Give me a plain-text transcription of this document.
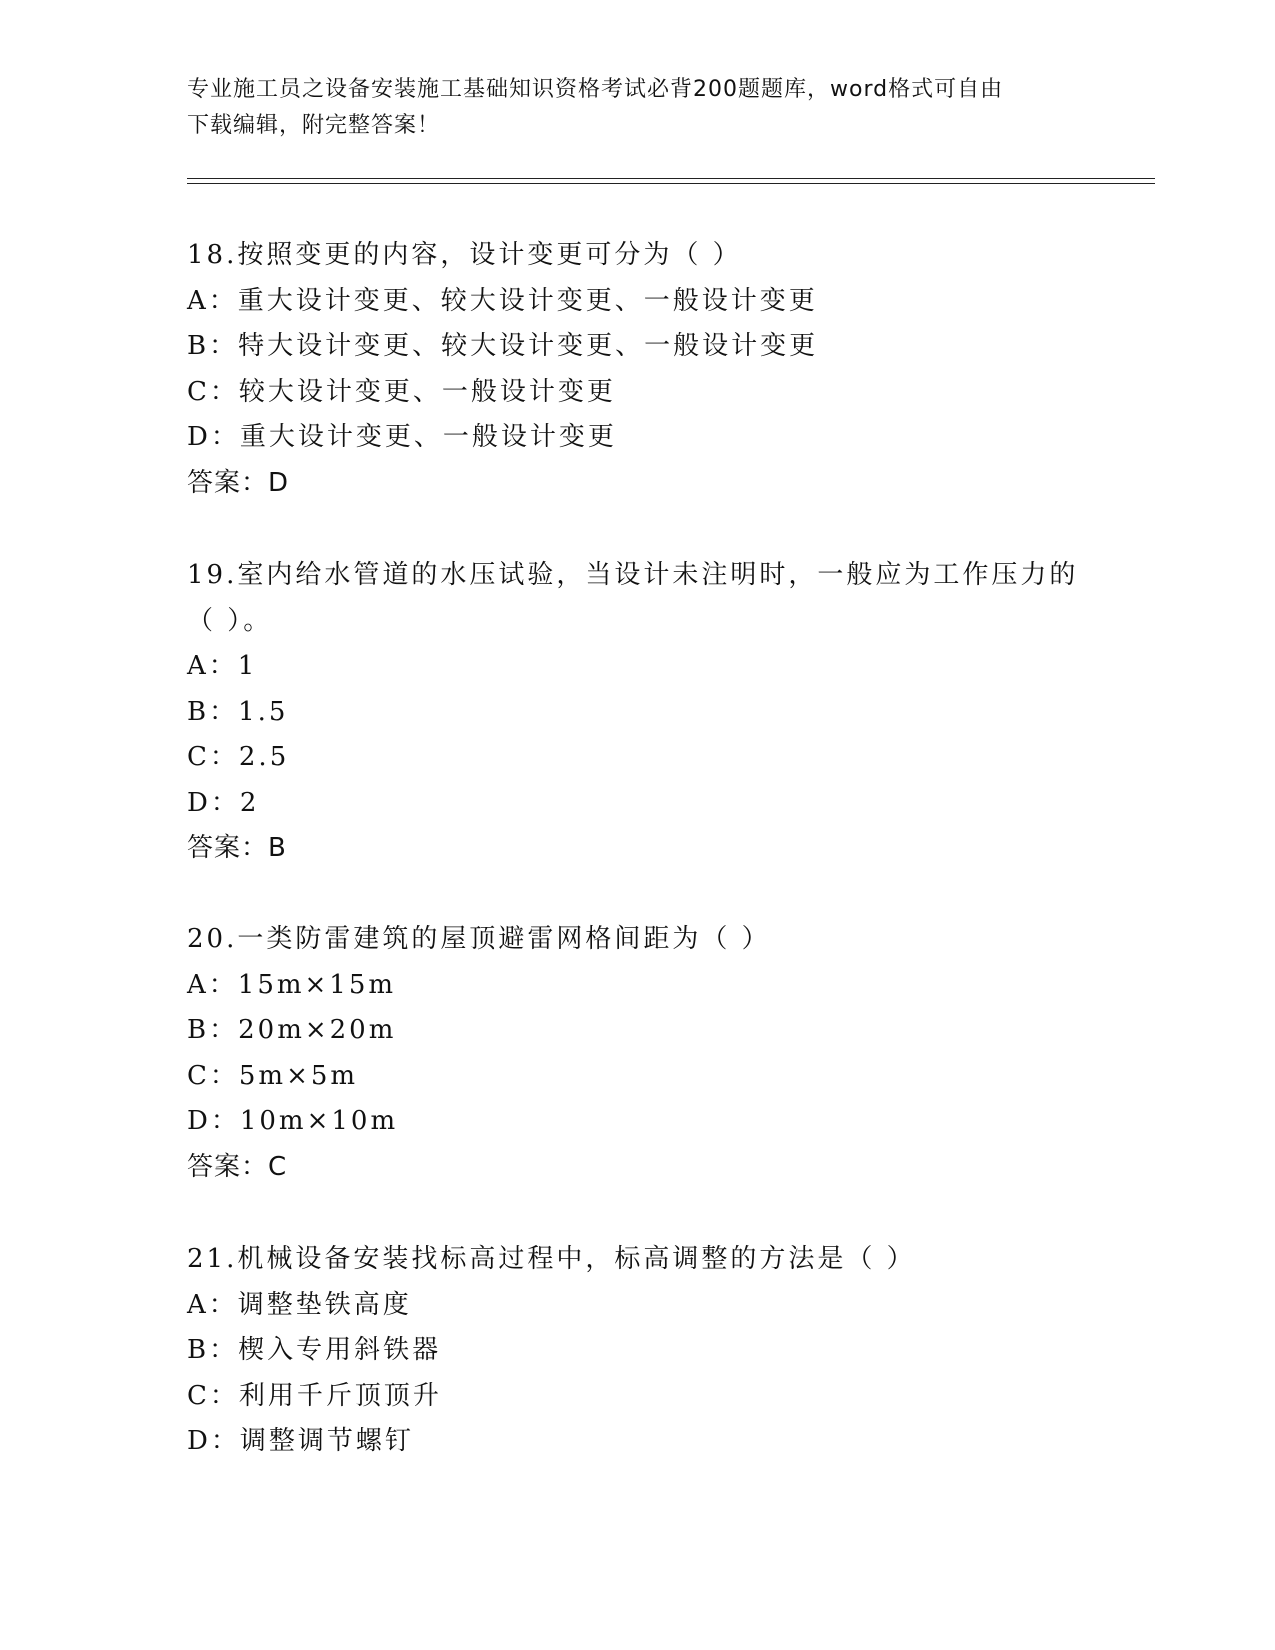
专业施工员之设备安装施工基础知识资格考试必背200题题库，word格式可自由
下载编辑，附完整答案！
18.按照变更的内容，设计变更可分为（ ）
A：重大设计变更、较大设计变更、一般设计变更
B：特大设计变更、较大设计变更、一般设计变更
C：较大设计变更、一般设计变更
D：重大设计变更、一般设计变更
答案：D
19.室内给水管道的水压试验，当设计未注明时，一般应为工作压力的
（ ）。
A：1
B：1.5
C：2.5
D：2
答案：B
20.一类防雷建筑的屋顶避雷网格间距为（ ）
A：15m×15m
B：20m×20m
C：5m×5m
D：10m×10m
答案：C
21.机械设备安装找标高过程中，标高调整的方法是（ ）
A：调整垫铁高度
B：楔入专用斜铁器
C：利用千斤顶顶升
D：调整调节螺钉
